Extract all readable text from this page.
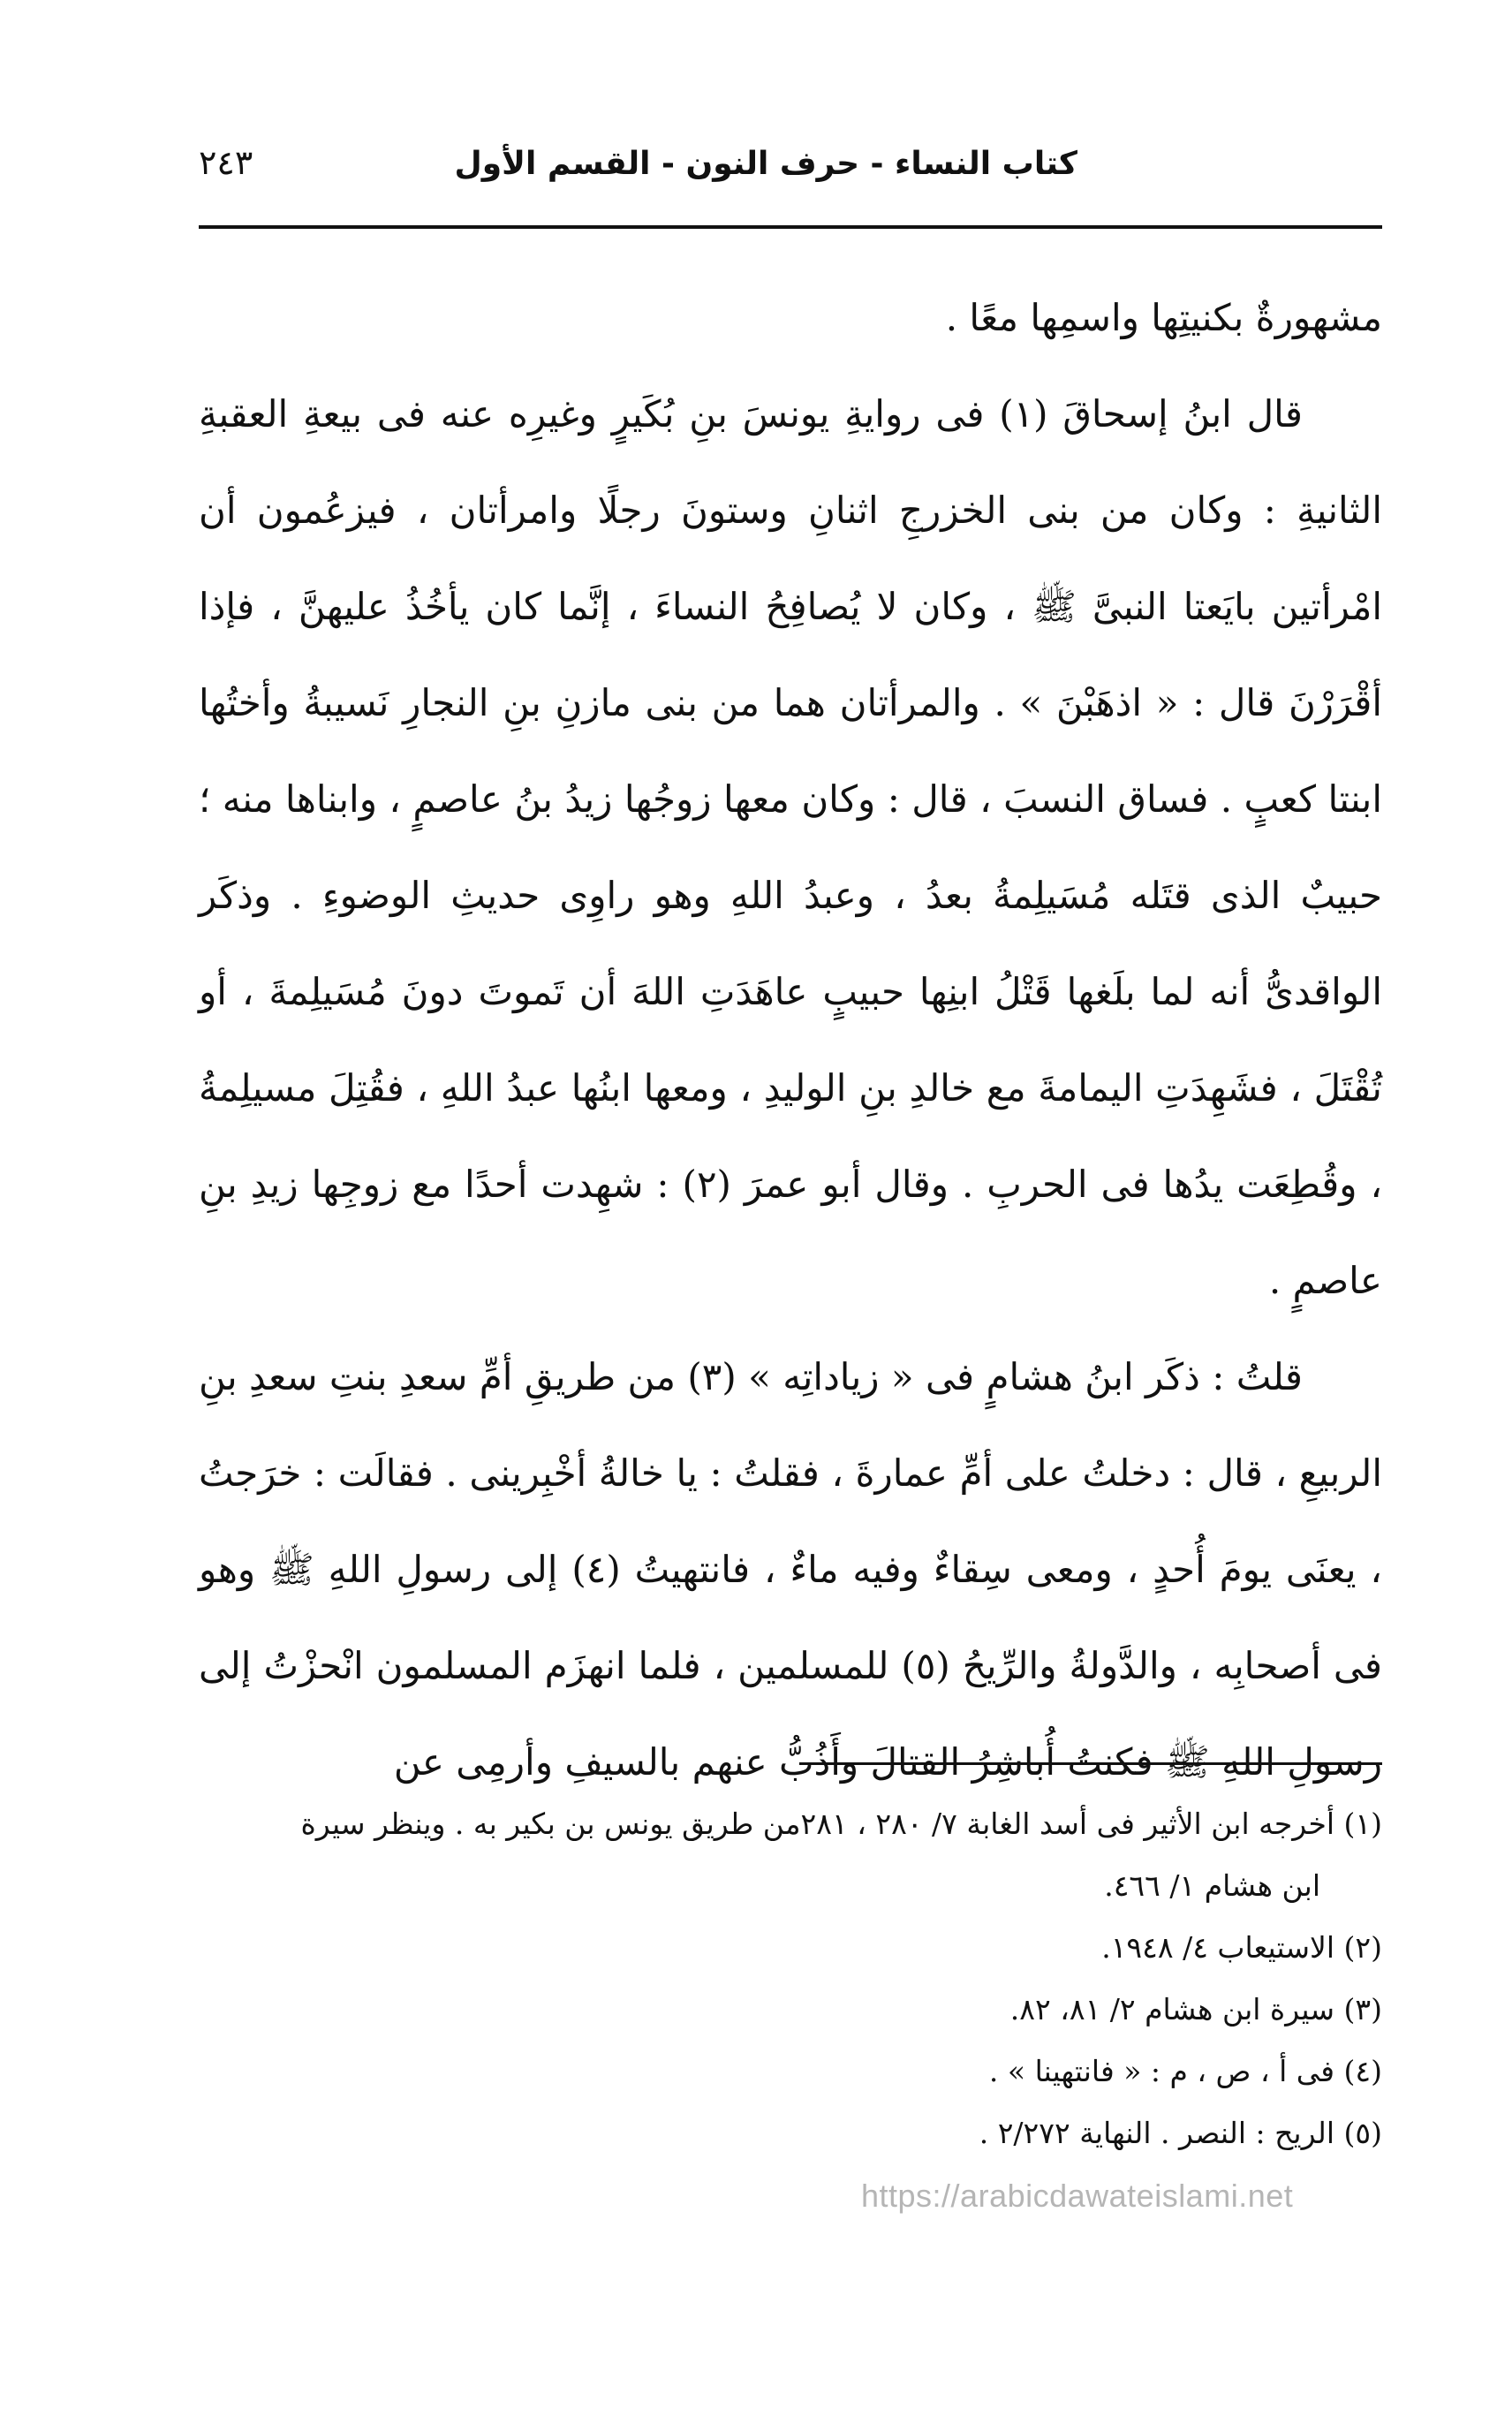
كتاب النساء - حرف النون - القسم الأول
٢٤٣

مشهورةٌ بكنيتِها واسمِها معًا .

قال ابنُ إسحاقَ (١) فى روايةِ يونسَ بنِ بُكَيرٍ وغيرِه عنه فى بيعةِ العقبةِ الثانيةِ : وكان من بنى الخزرجِ اثنانِ وستونَ رجلًا وامرأتان ، فيزعُمون أن امْرأتين بايَعتا النبىَّ ﷺ ، وكان لا يُصافِحُ النساءَ ، إنَّما كان يأخُذُ عليهنَّ ، فإذا أقْرَرْنَ قال : « اذهَبْنَ » . والمرأتان هما من بنى مازنِ بنِ النجارِ نَسيبةُ وأختُها ابنتا كعبٍ . فساق النسبَ ، قال : وكان معها زوجُها زيدُ بنُ عاصمٍ ، وابناها منه ؛ حبيبٌ الذى قتَله مُسَيلِمةُ بعدُ ، وعبدُ اللهِ وهو راوِى حديثِ الوضوءِ . وذكَر الواقدىُّ أنه لما بلَغها قَتْلُ ابنِها حبيبٍ عاهَدَتِ اللهَ أن تَموتَ دونَ مُسَيلِمةَ ، أو تُقْتَلَ ، فشَهِدَتِ اليمامةَ مع خالدِ بنِ الوليدِ ، ومعها ابنُها عبدُ اللهِ ، فقُتِلَ مسيلِمةُ ، وقُطِعَت يدُها فى الحربِ . وقال أبو عمرَ (٢) : شهِدت أحدًا مع زوجِها زيدِ بنِ عاصمٍ .

قلتُ : ذكَر ابنُ هشامٍ فى « زياداتِه » (٣) من طريقِ أمِّ سعدِ بنتِ سعدِ بنِ الربيعِ ، قال : دخلتُ على أمِّ عمارةَ ، فقلتُ : يا خالةُ أخْبِرينى . فقالَت : خرَجتُ ، يعنَى يومَ أُحدٍ ، ومعى سِقاءٌ وفيه ماءٌ ، فانتهيتُ (٤) إلى رسولِ اللهِ ﷺ وهو فى أصحابِه ، والدَّولةُ والرِّيحُ (٥) للمسلمين ، فلما انهزَم المسلمون انْحزْتُ إلى رسولِ اللهِ ﷺ فكنتُ أُباشِرُ القتالَ وأَذُبُّ عنهم بالسيفِ وأرمِى عن

(١) أخرجه ابن الأثير فى أسد الغابة ٧/ ٢٨٠ ، ٢٨١من طريق يونس بن بكير به . وينظر سيرة

ابن هشام ١/ ٤٦٦.

(٢) الاستيعاب ٤/ ١٩٤٨.

(٣) سيرة ابن هشام ٢/ ٨١، ٨٢.

(٤) فى أ ، ص ، م : « فانتهينا » .

(٥) الريح : النصر . النهاية ٢/٢٧٢ .

https://arabicdawateislami.net
